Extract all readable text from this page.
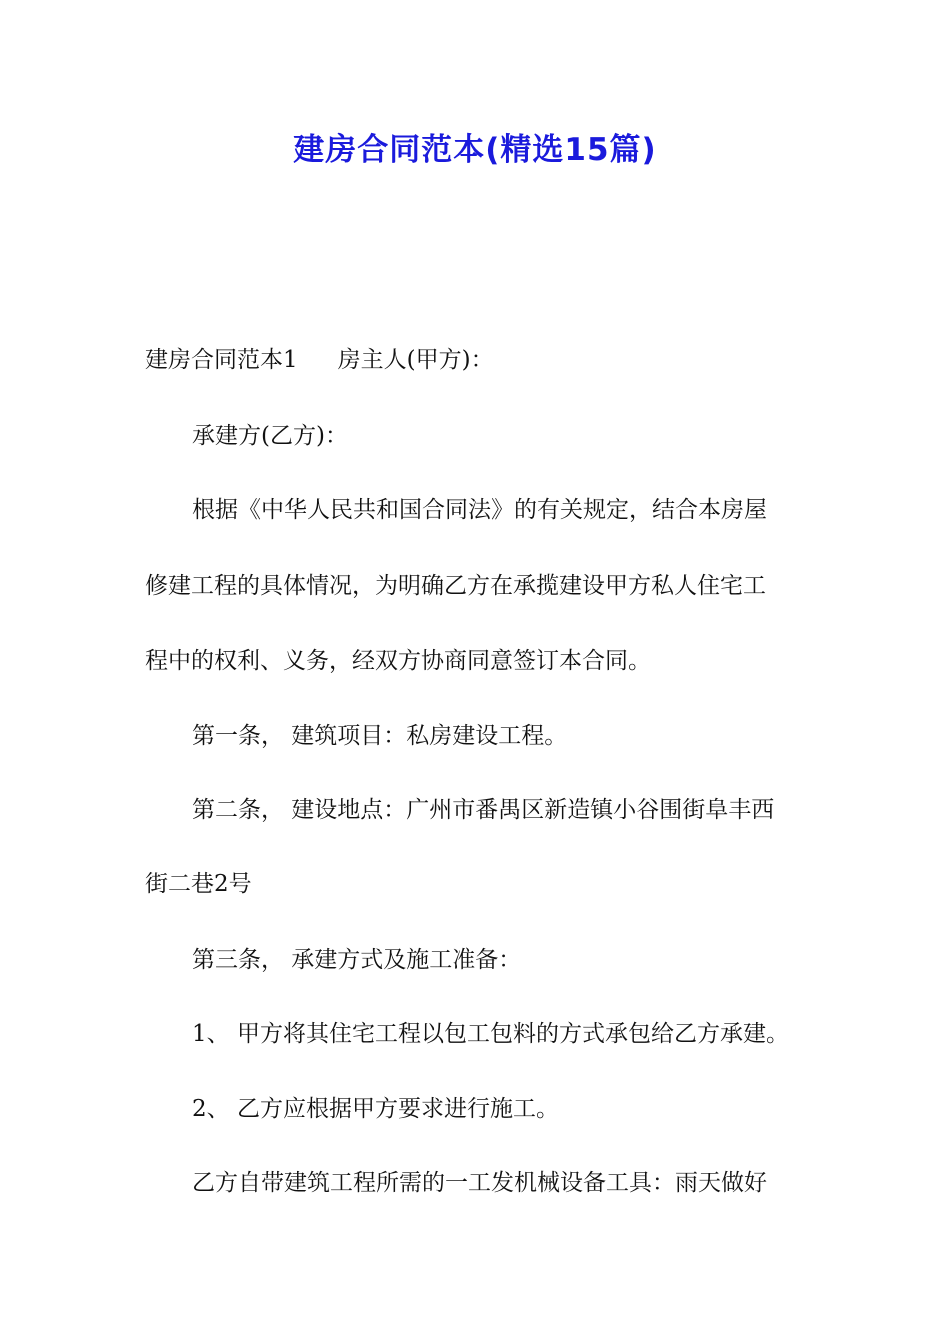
建房合同范本(精选15篇)
建房合同范本1 房主人(甲方)：
承建方(乙方)：
根据《中华人民共和国合同法》的有关规定，结合本房屋
修建工程的具体情况，为明确乙方在承揽建设甲方私人住宅工
程中的权利、义务，经双方协商同意签订本合同。
第一条， 建筑项目：私房建设工程。
第二条， 建设地点：广州市番禺区新造镇小谷围街阜丰西
街二巷2号
第三条， 承建方式及施工准备：
1、 甲方将其住宅工程以包工包料的方式承包给乙方承建。
2、 乙方应根据甲方要求进行施工。
乙方自带建筑工程所需的一工发机械设备工具：雨天做好
